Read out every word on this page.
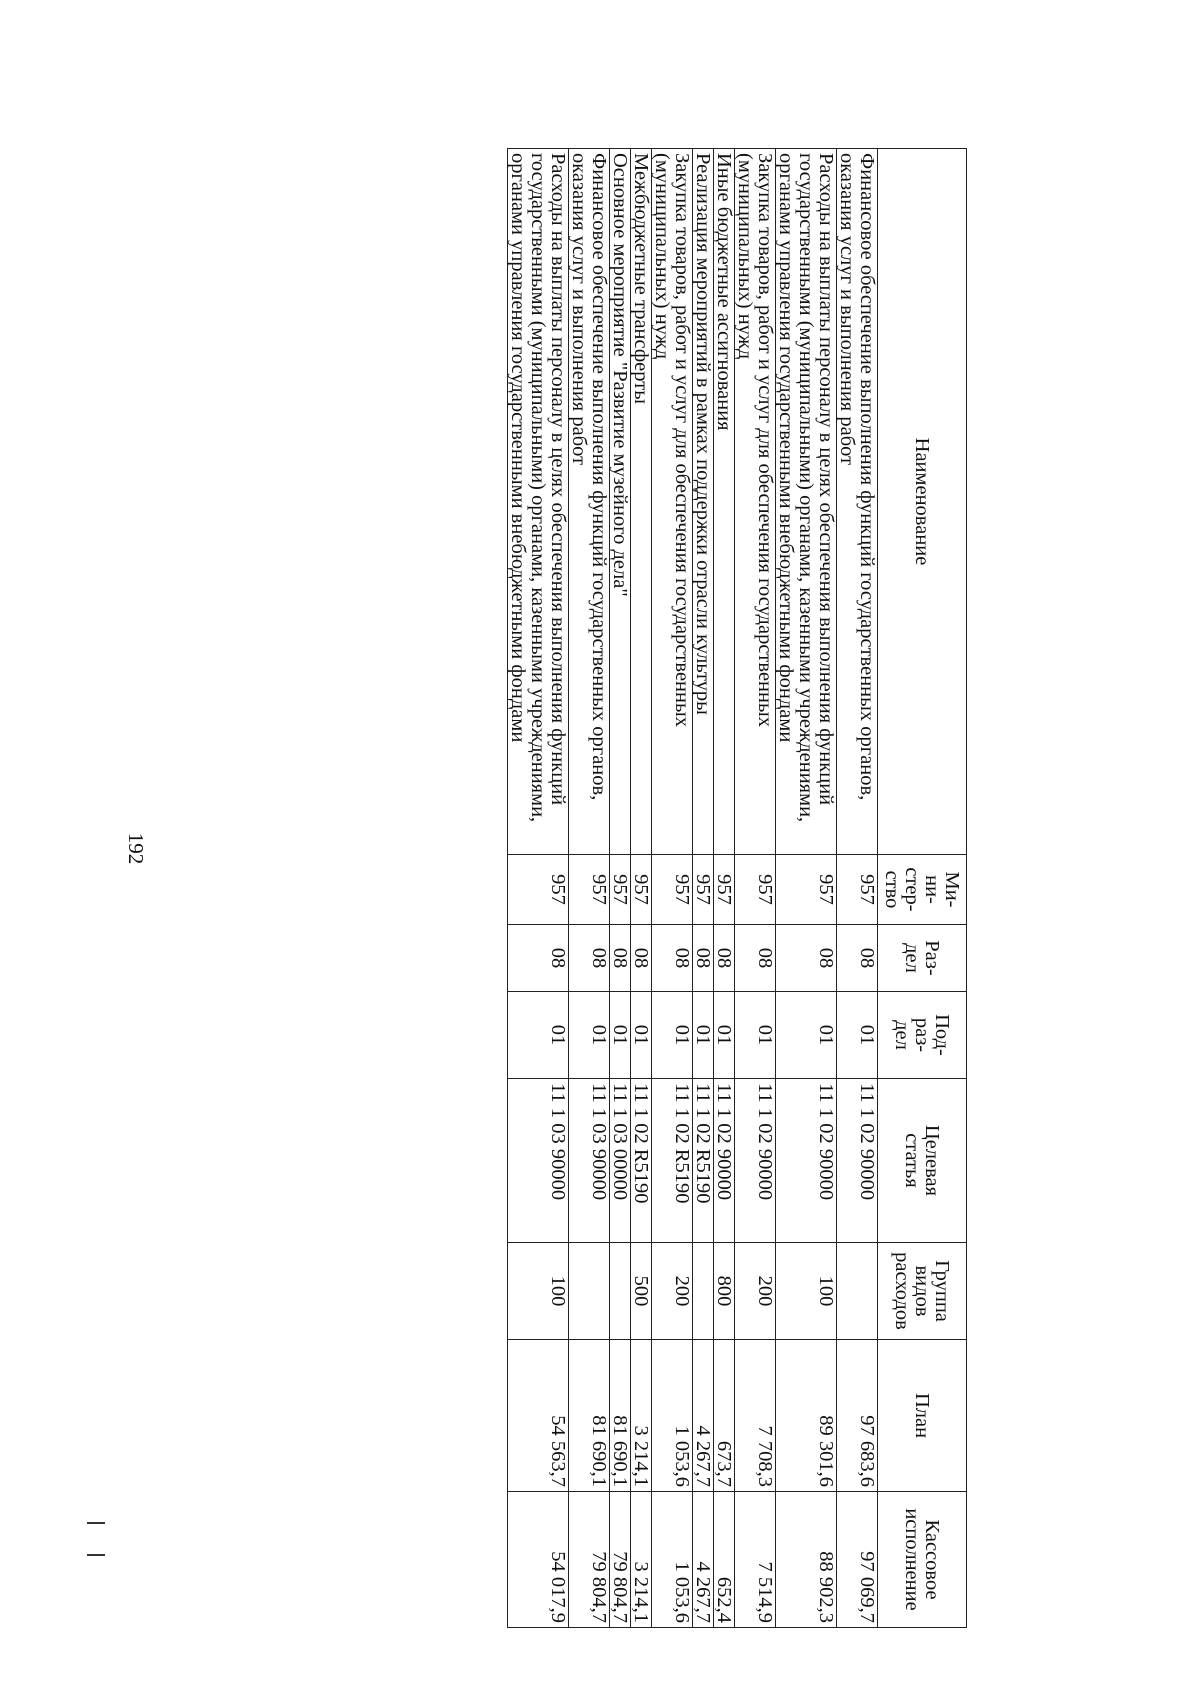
192
Наименование	Ми-
ни-
стер-
ство	Раз-
дел	Под-
раз-
дел	Целевая
статья	Группа
видов
расходов	План	Кассовое
исполнение
Финансовое обеспечение выполнения функций государственных органов, оказания услуг и выполнения работ	957	08	01	11 1 02 90000		97 683,6	97 069,7
Расходы на выплаты персоналу в целях обеспечения выполнения функций государственными (муниципальными) органами, казенными учреждениями, органами управления государственными внебюджетными фондами	957	08	01	11 1 02 90000	100	89 301,6	88 902,3
Закупка товаров, работ и услуг для обеспечения государственных (муниципальных) нужд	957	08	01	11 1 02 90000	200	7 708,3	7 514,9
Иные бюджетные ассигнования	957	08	01	11 1 02 90000	800	673,7	652,4
Реализация мероприятий в рамках поддержки отрасли культуры	957	08	01	11 1 02 R5190		4 267,7	4 267,7
Закупка товаров, работ и услуг для обеспечения государственных (муниципальных) нужд	957	08	01	11 1 02 R5190	200	1 053,6	1 053,6
Межбюджетные трансферты	957	08	01	11 1 02 R5190	500	3 214,1	3 214,1
Основное мероприятие "Развитие музейного дела"	957	08	01	11 1 03 00000		81 690,1	79 804,7
Финансовое обеспечение выполнения функций государственных органов, оказания услуг и выполнения работ	957	08	01	11 1 03 90000		81 690,1	79 804,7
Расходы на выплаты персоналу в целях обеспечения выполнения функций государственными (муниципальными) органами, казенными учреждениями, органами управления государственными внебюджетными фондами	957	08	01	11 1 03 90000	100	54 563,7	54 017,9
